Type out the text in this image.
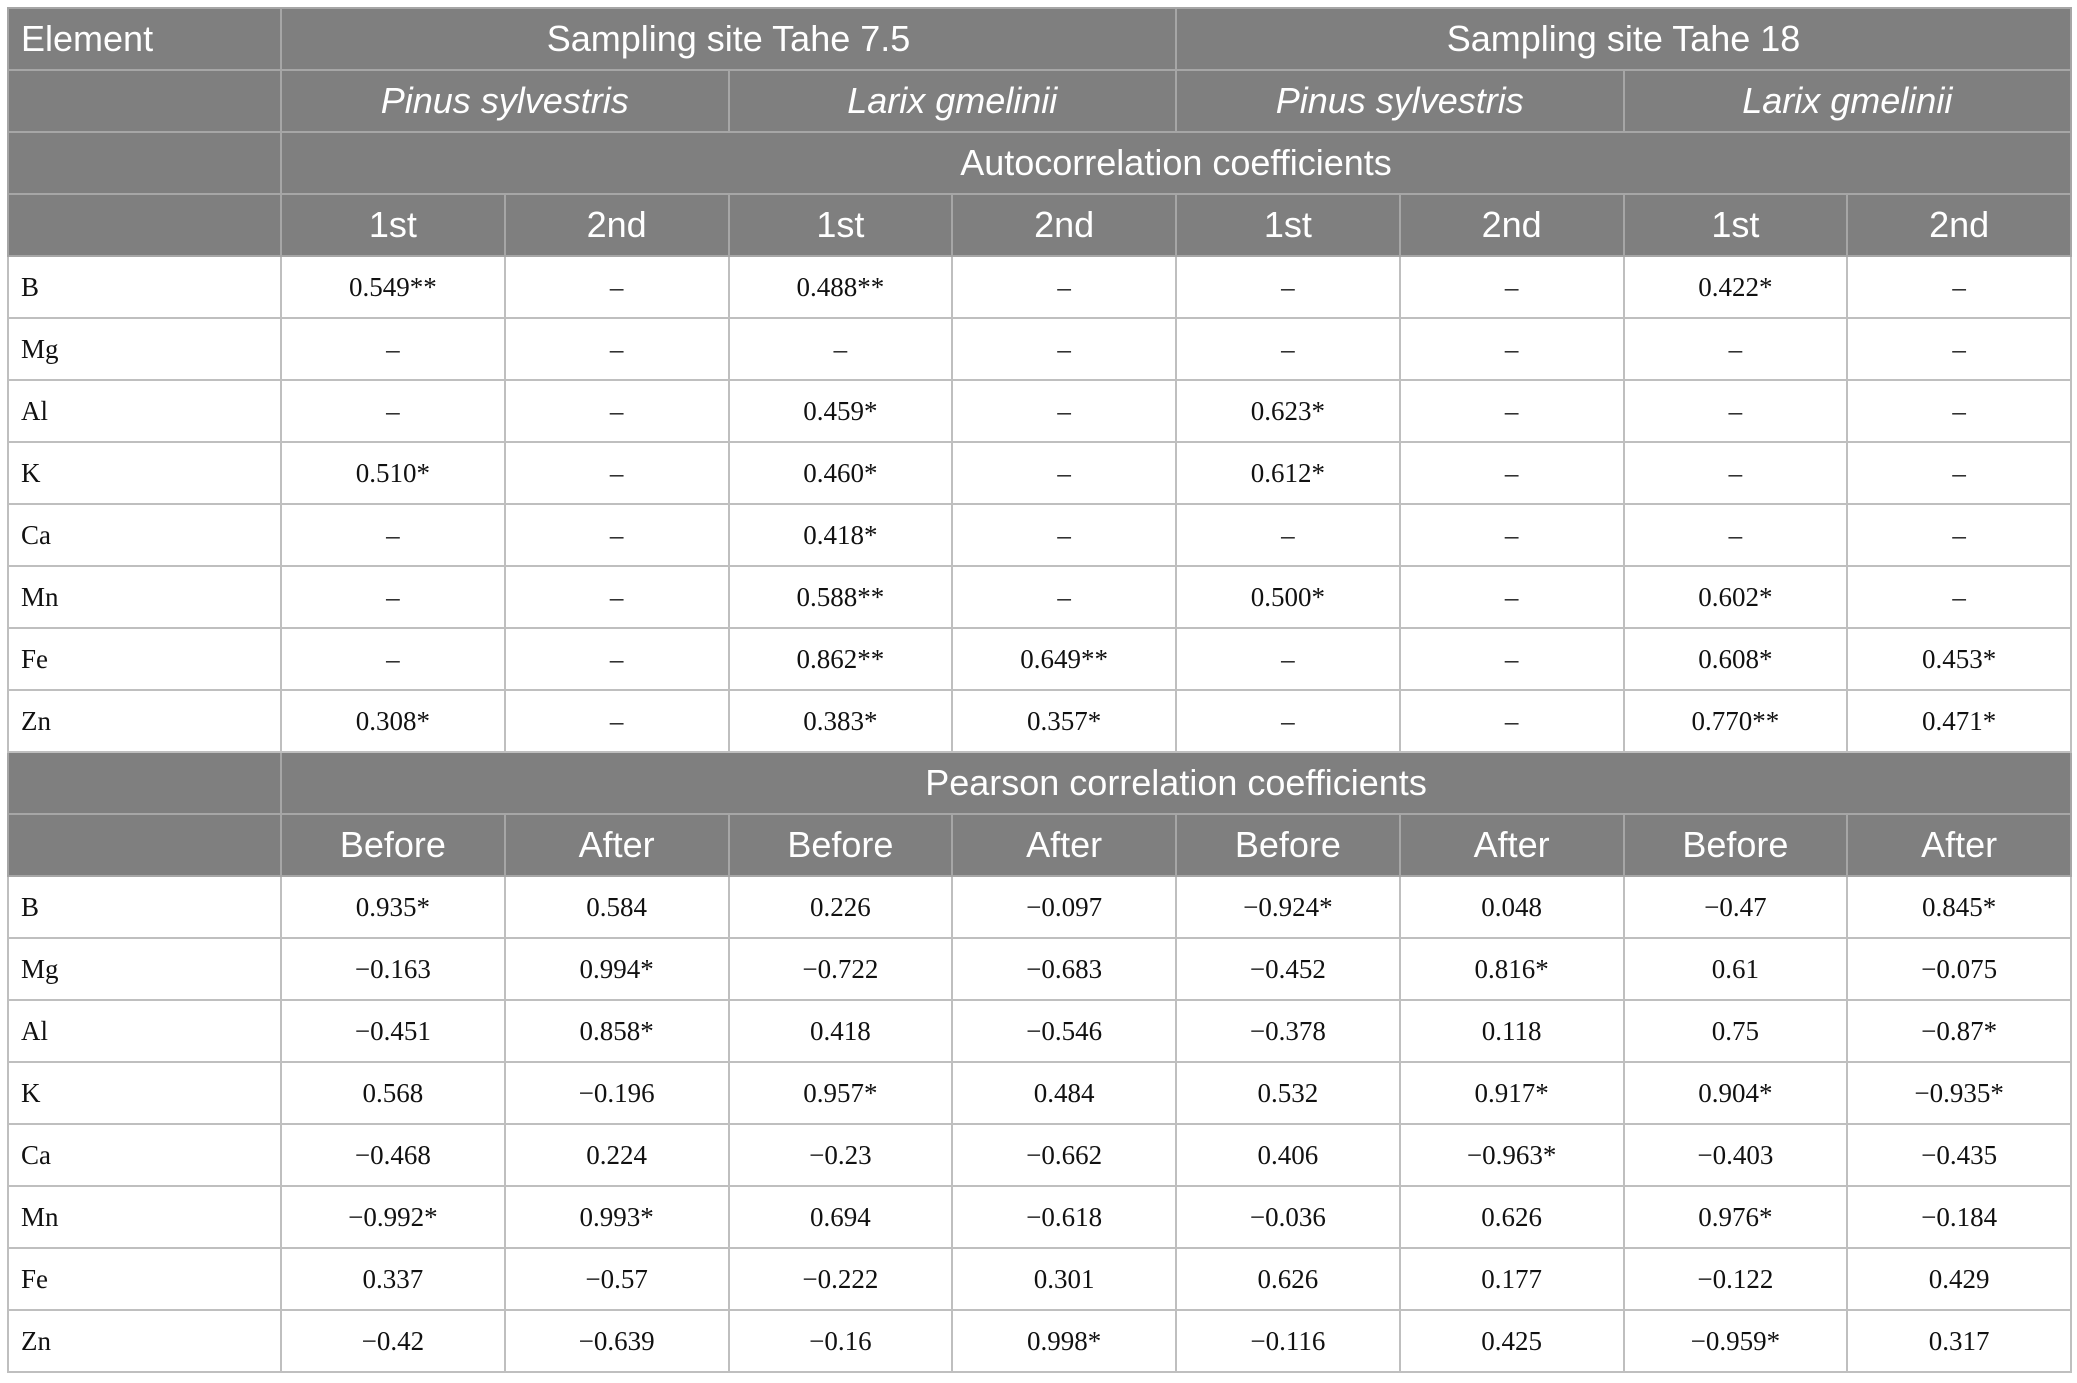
Element	Sampling site Tahe 7.5				Sampling site Tahe 18			
	Pinus sylvestris		Larix gmelinii		Pinus sylvestris		Larix gmelinii	
	Autocorrelation coefficients							
	1st	2nd	1st	2nd	1st	2nd	1st	2nd
B	0.549**	–	0.488**	–	–	–	0.422*	–
Mg	–	–	–	–	–	–	–	–
Al	–	–	0.459*	–	0.623*	–	–	–
K	0.510*	–	0.460*	–	0.612*	–	–	–
Ca	–	–	0.418*	–	–	–	–	–
Mn	–	–	0.588**	–	0.500*	–	0.602*	–
Fe	–	–	0.862**	0.649**	–	–	0.608*	0.453*
Zn	0.308*	–	0.383*	0.357*	–	–	0.770**	0.471*
	Pearson correlation coefficients							
	Before	After	Before	After	Before	After	Before	After
B	0.935*	0.584	0.226	−0.097	−0.924*	0.048	−0.47	0.845*
Mg	−0.163	0.994*	−0.722	−0.683	−0.452	0.816*	0.61	−0.075
Al	−0.451	0.858*	0.418	−0.546	−0.378	0.118	0.75	−0.87*
K	0.568	−0.196	0.957*	0.484	0.532	0.917*	0.904*	−0.935*
Ca	−0.468	0.224	−0.23	−0.662	0.406	−0.963*	−0.403	−0.435
Mn	−0.992*	0.993*	0.694	−0.618	−0.036	0.626	0.976*	−0.184
Fe	0.337	−0.57	−0.222	0.301	0.626	0.177	−0.122	0.429
Zn	−0.42	−0.639	−0.16	0.998*	−0.116	0.425	−0.959*	0.317
